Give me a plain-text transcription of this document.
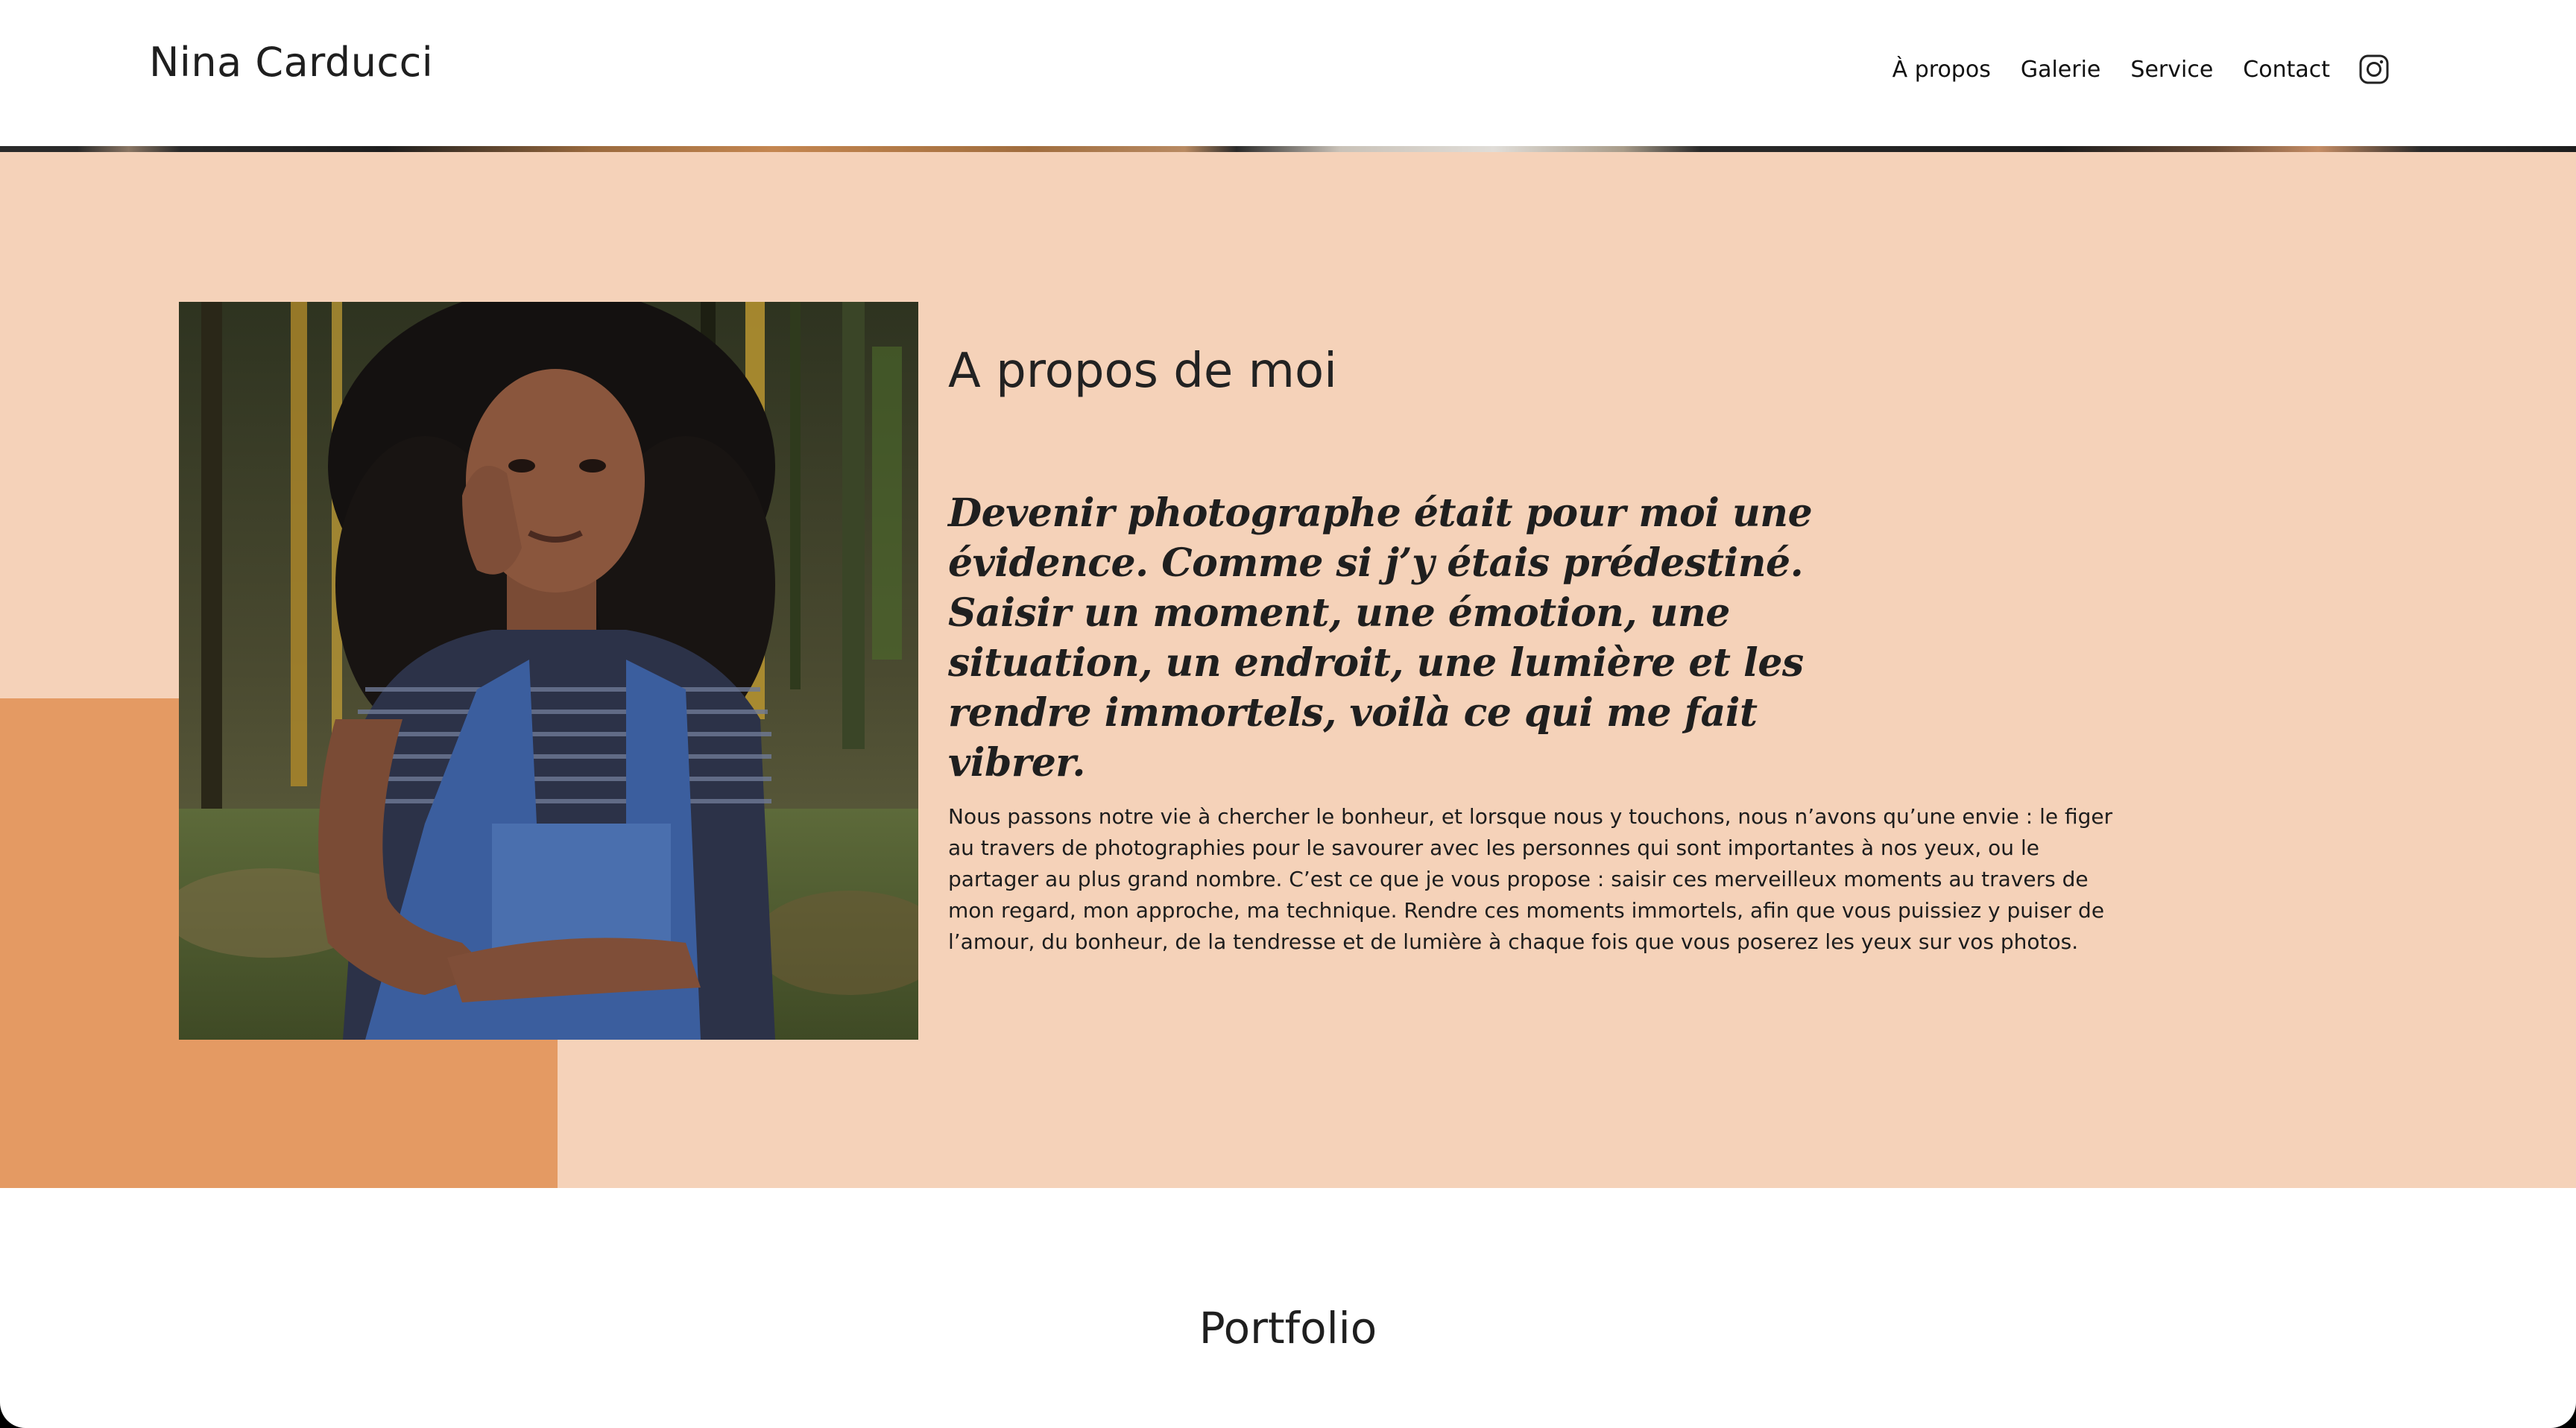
Nina Carducci	À propos Galerie Service Contact
A propos de moi
Devenir photographe était pour moi une évidence. Comme si j’y étais prédestiné. Saisir un moment, une émotion, une situation, un endroit, une lumière et les rendre immortels, voilà ce qui me fait vibrer.

Nous passons notre vie à chercher le bonheur, et lorsque nous y touchons, nous n’avons qu’une envie : le figer au travers de photographies pour le savourer avec les personnes qui sont importantes à nos yeux, ou le partager au plus grand nombre. C’est ce que je vous propose : saisir ces merveilleux moments au travers de mon regard, mon approche, ma technique. Rendre ces moments immortels, afin que vous puissiez y puiser de l’amour, du bonheur, de la tendresse et de lumière à chaque fois que vous poserez les yeux sur vos photos.

Portfolio
